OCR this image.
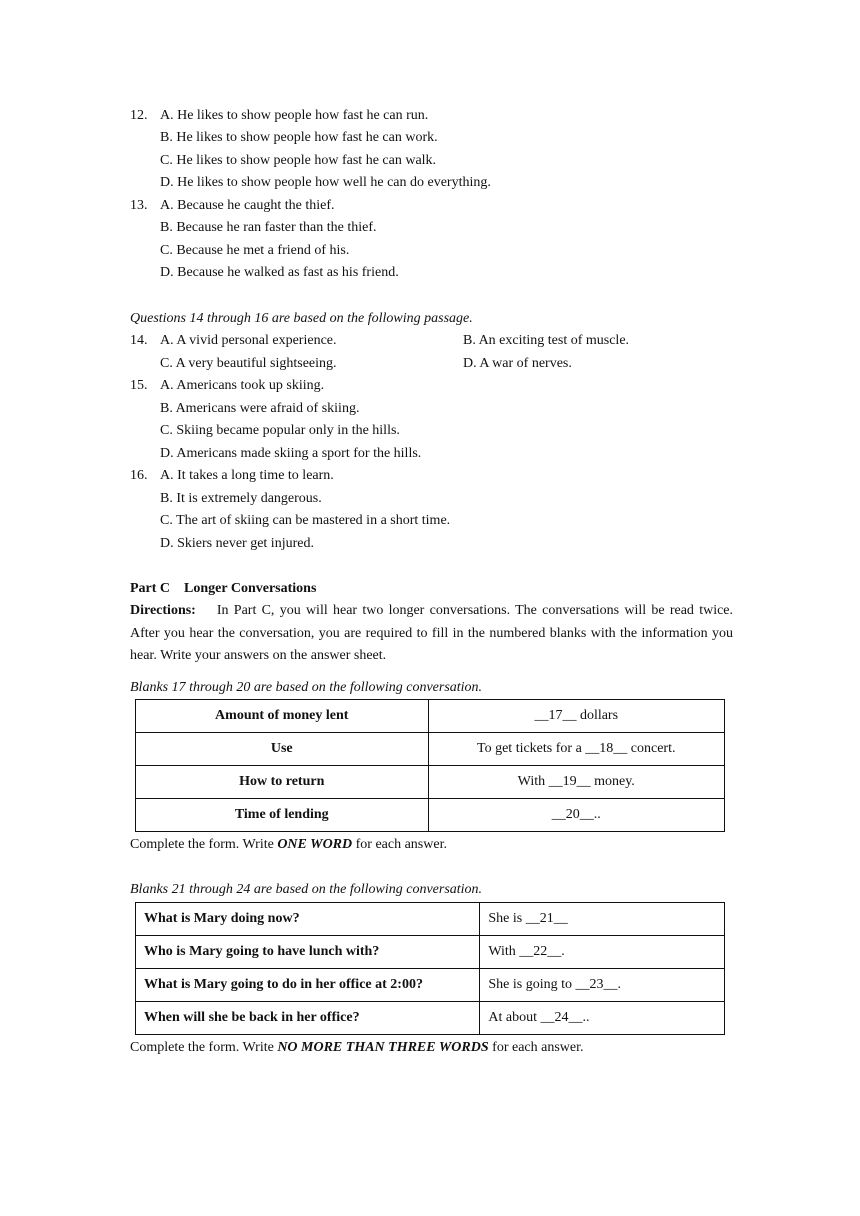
12. A. He likes to show people how fast he can run.
B. He likes to show people how fast he can work.
C. He likes to show people how fast he can walk.
D. He likes to show people how well he can do everything.
13. A. Because he caught the thief.
B. Because he ran faster than the thief.
C. Because he met a friend of his.
D. Because he walked as fast as his friend.
Questions 14 through 16 are based on the following passage.
14. A. A vivid personal experience.	B. An exciting test of muscle.
C. A very beautiful sightseeing.	D. A war of nerves.
15. A. Americans took up skiing.
B. Americans were afraid of skiing.
C. Skiing became popular only in the hills.
D. Americans made skiing a sport for the hills.
16. A. It takes a long time to learn.
B. It is extremely dangerous.
C. The art of skiing can be mastered in a short time.
D. Skiers never get injured.
Part C    Longer Conversations
Directions: In Part C, you will hear two longer conversations. The conversations will be read twice. After you hear the conversation, you are required to fill in the numbered blanks with the information you hear. Write your answers on the answer sheet.
Blanks 17 through 20 are based on the following conversation.
Amount of money lent	__17__ dollars
Use	To get tickets for a __18__ concert.
How to return	With __19__ money.
Time of lending	__20__..
Complete the form. Write ONE WORD for each answer.
Blanks 21 through 24 are based on the following conversation.
What is Mary doing now?	She is __21__
Who is Mary going to have lunch with?	With __22__.
What is Mary going to do in her office at 2:00?	She is going to __23__.
When will she be back in her office?	At about __24__..
Complete the form. Write NO MORE THAN THREE WORDS for each answer.
